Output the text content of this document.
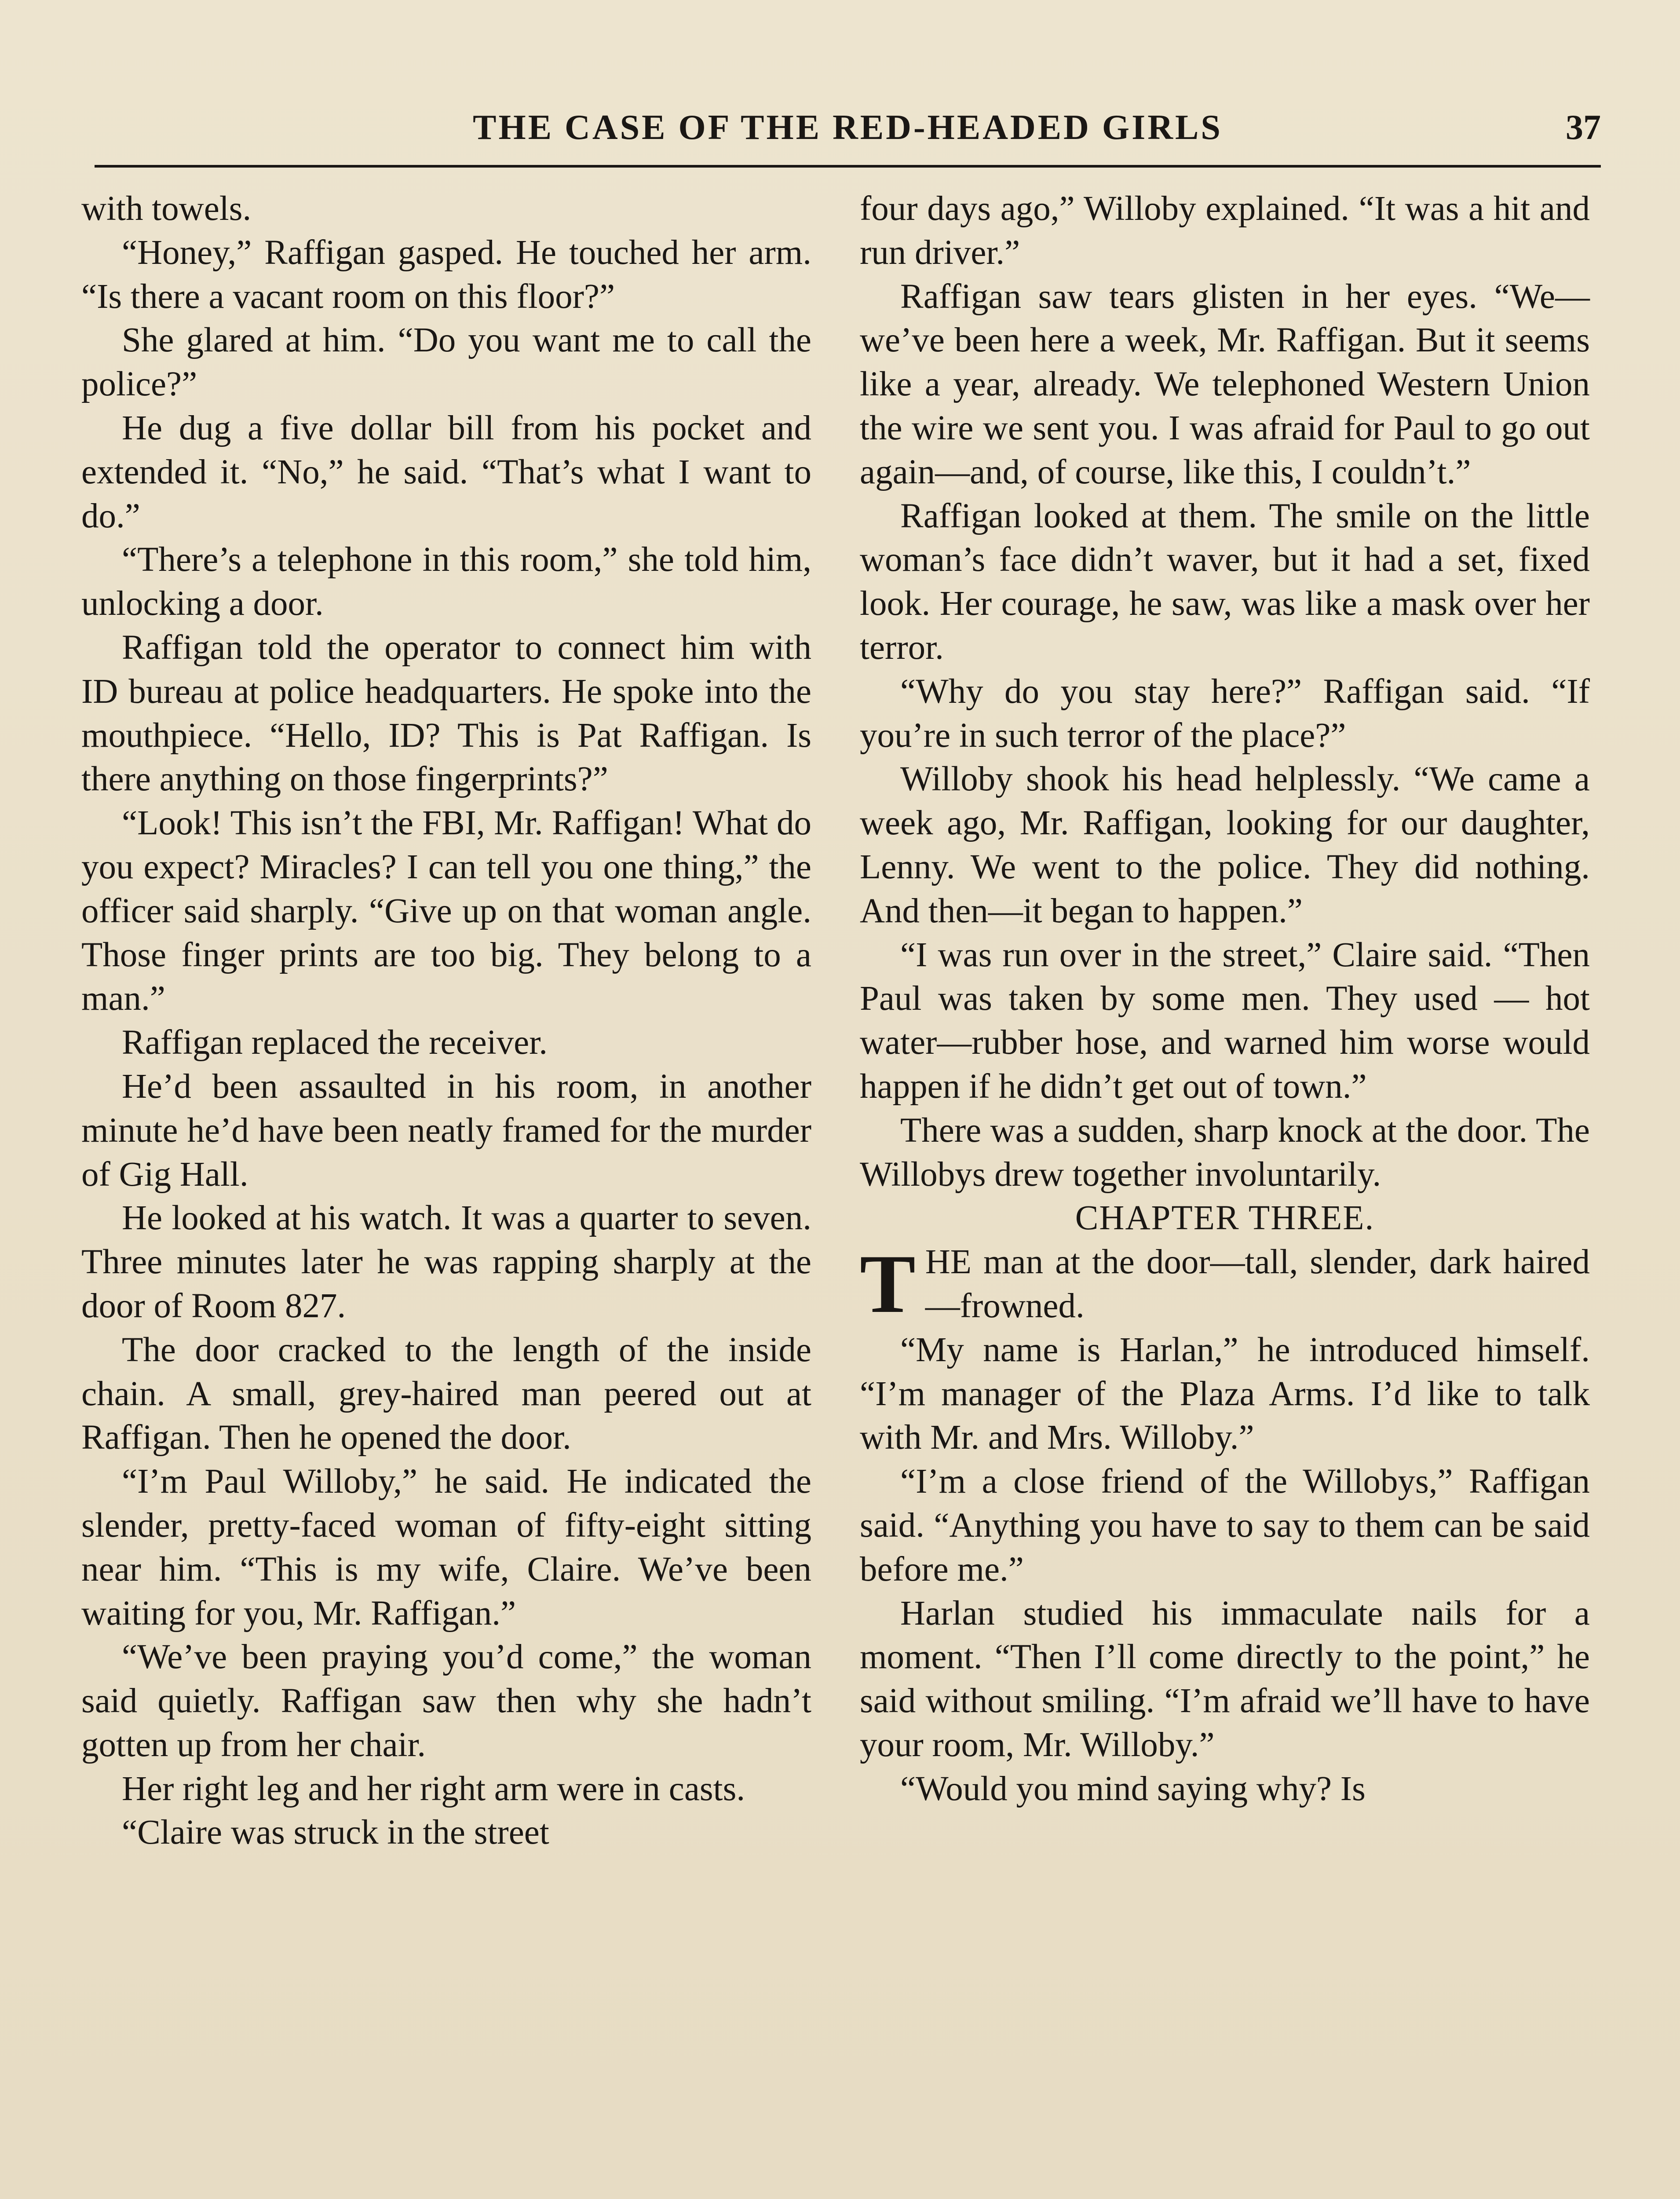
THE CASE OF THE RED-HEADED GIRLS	37

with towels.

“Honey,” Raffigan gasped. He touched her arm. “Is there a vacant room on this floor?”

She glared at him. “Do you want me to call the police?”

He dug a five dollar bill from his pocket and extended it. “No,” he said. “That’s what I want to do.”

“There’s a telephone in this room,” she told him, unlocking a door.

Raffigan told the operator to connect him with ID bureau at police headquarters. He spoke into the mouthpiece. “Hello, ID? This is Pat Raffigan. Is there anything on those fingerprints?”

“Look! This isn’t the FBI, Mr. Raffigan! What do you expect? Miracles? I can tell you one thing,” the officer said sharply. “Give up on that woman angle. Those finger prints are too big. They belong to a man.”

Raffigan replaced the receiver.

He’d been assaulted in his room, in another minute he’d have been neatly framed for the murder of Gig Hall.

He looked at his watch. It was a quarter to seven. Three minutes later he was rapping sharply at the door of Room 827.

The door cracked to the length of the inside chain. A small, grey-haired man peered out at Raffigan. Then he opened the door.

“I’m Paul Willoby,” he said. He indicated the slender, pretty-faced woman of fifty-eight sitting near him. “This is my wife, Claire. We’ve been waiting for you, Mr. Raffigan.”

“We’ve been praying you’d come,” the woman said quietly. Raffigan saw then why she hadn’t gotten up from her chair.

Her right leg and her right arm were in casts.

“Claire was struck in the street

four days ago,” Willoby explained. “It was a hit and run driver.”

Raffigan saw tears glisten in her eyes. “We—we’ve been here a week, Mr. Raffigan. But it seems like a year, already. We telephoned Western Union the wire we sent you. I was afraid for Paul to go out again—and, of course, like this, I couldn’t.”

Raffigan looked at them. The smile on the little woman’s face didn’t waver, but it had a set, fixed look. Her courage, he saw, was like a mask over her terror.

“Why do you stay here?” Raffigan said. “If you’re in such terror of the place?”

Willoby shook his head helplessly. “We came a week ago, Mr. Raffigan, looking for our daughter, Lenny. We went to the police. They did nothing. And then—it began to happen.”

“I was run over in the street,” Claire said. “Then Paul was taken by some men. They used — hot water—rubber hose, and warned him worse would happen if he didn’t get out of town.”

There was a sudden, sharp knock at the door. The Willobys drew together involuntarily.

CHAPTER THREE.

THE man at the door—tall, slender, dark haired—frowned.

“My name is Harlan,” he introduced himself. “I’m manager of the Plaza Arms. I’d like to talk with Mr. and Mrs. Willoby.”

“I’m a close friend of the Willobys,” Raffigan said. “Anything you have to say to them can be said before me.”

Harlan studied his immaculate nails for a moment. “Then I’ll come directly to the point,” he said without smiling. “I’m afraid we’ll have to have your room, Mr. Willoby.”

“Would you mind saying why? Is
